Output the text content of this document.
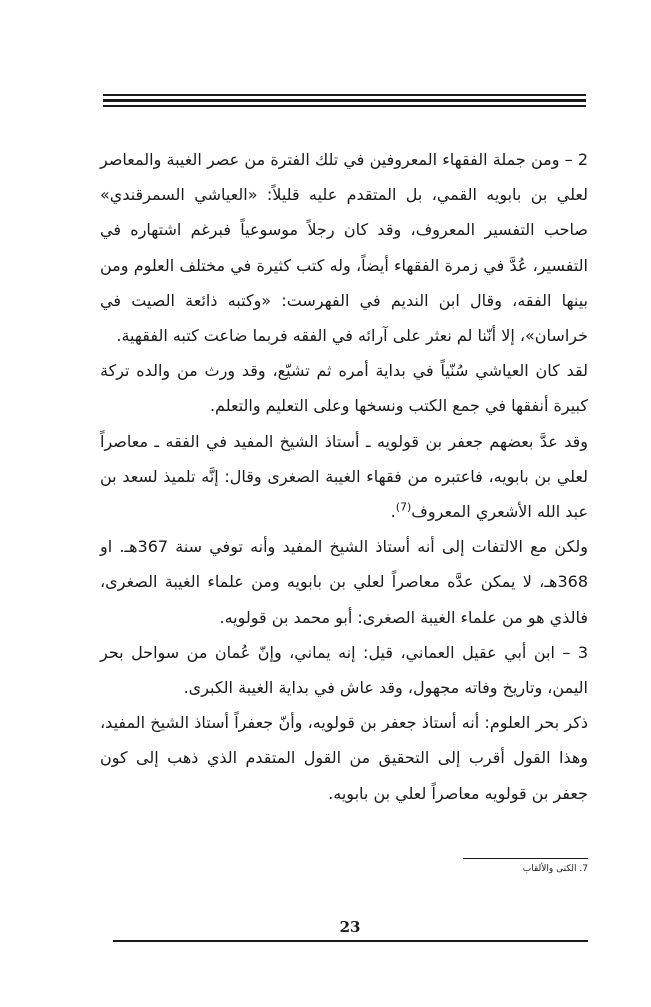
2 – ومن جملة الفقهاء المعروفين في تلك الفترة من عصر الغيبة والمعاصر لعلي بن بابويه القمي، بل المتقدم عليه قليلاً: «العياشي السمرقندي» صاحب التفسير المعروف، وقد كان رجلاً موسوعياً فبرغم اشتهاره في التفسير، عُدَّ في زمرة الفقهاء أيضاً، وله كتب كثيرة في مختلف العلوم ومن بينها الفقه، وقال ابن النديم في الفهرست: «وكتبه ذائعة الصيت في خراسان»، إلا أنّنا لم نعثر على آرائه في الفقه فربما ضاعت كتبه الفقهية.

لقد كان العياشي سُنّياً في بداية أمره ثم تشيّع، وقد ورث من والده تركة كبيرة أنفقها في جمع الكتب ونسخها وعلى التعليم والتعلم.

وقد عدَّ بعضهم جعفر بن قولويه ـ أستاذ الشيخ المفيد في الفقه ـ معاصراً لعلي بن بابويه، فاعتبره من فقهاء الغيبة الصغرى وقال: إنَّه تلميذ لسعد بن عبد الله الأشعري المعروف$^{(7)}$.

ولكن مع الالتفات إلى أنه أستاذ الشيخ المفيد وأنه توفي سنة 367هـ. او 368هـ، لا يمكن عدَّه معاصراً لعلي بن بابويه ومن علماء الغيبة الصغرى، فالذي هو من علماء الغيبة الصغرى: أبو محمد بن قولويه.

3 – ابن أبي عقيل العماني، قيل: إنه يماني، وإنّ عُمان من سواحل بحر اليمن، وتاريخ وفاته مجهول، وقد عاش في بداية الغيبة الكبرى.

ذكر بحر العلوم: أنه أستاذ جعفر بن قولويه، وأنّ جعفراً أستاذ الشيخ المفيد، وهذا القول أقرب إلى التحقيق من القول المتقدم الذي ذهب إلى كون جعفر بن قولويه معاصراً لعلي بن بابويه.

7. الكنى والألقاب
23
